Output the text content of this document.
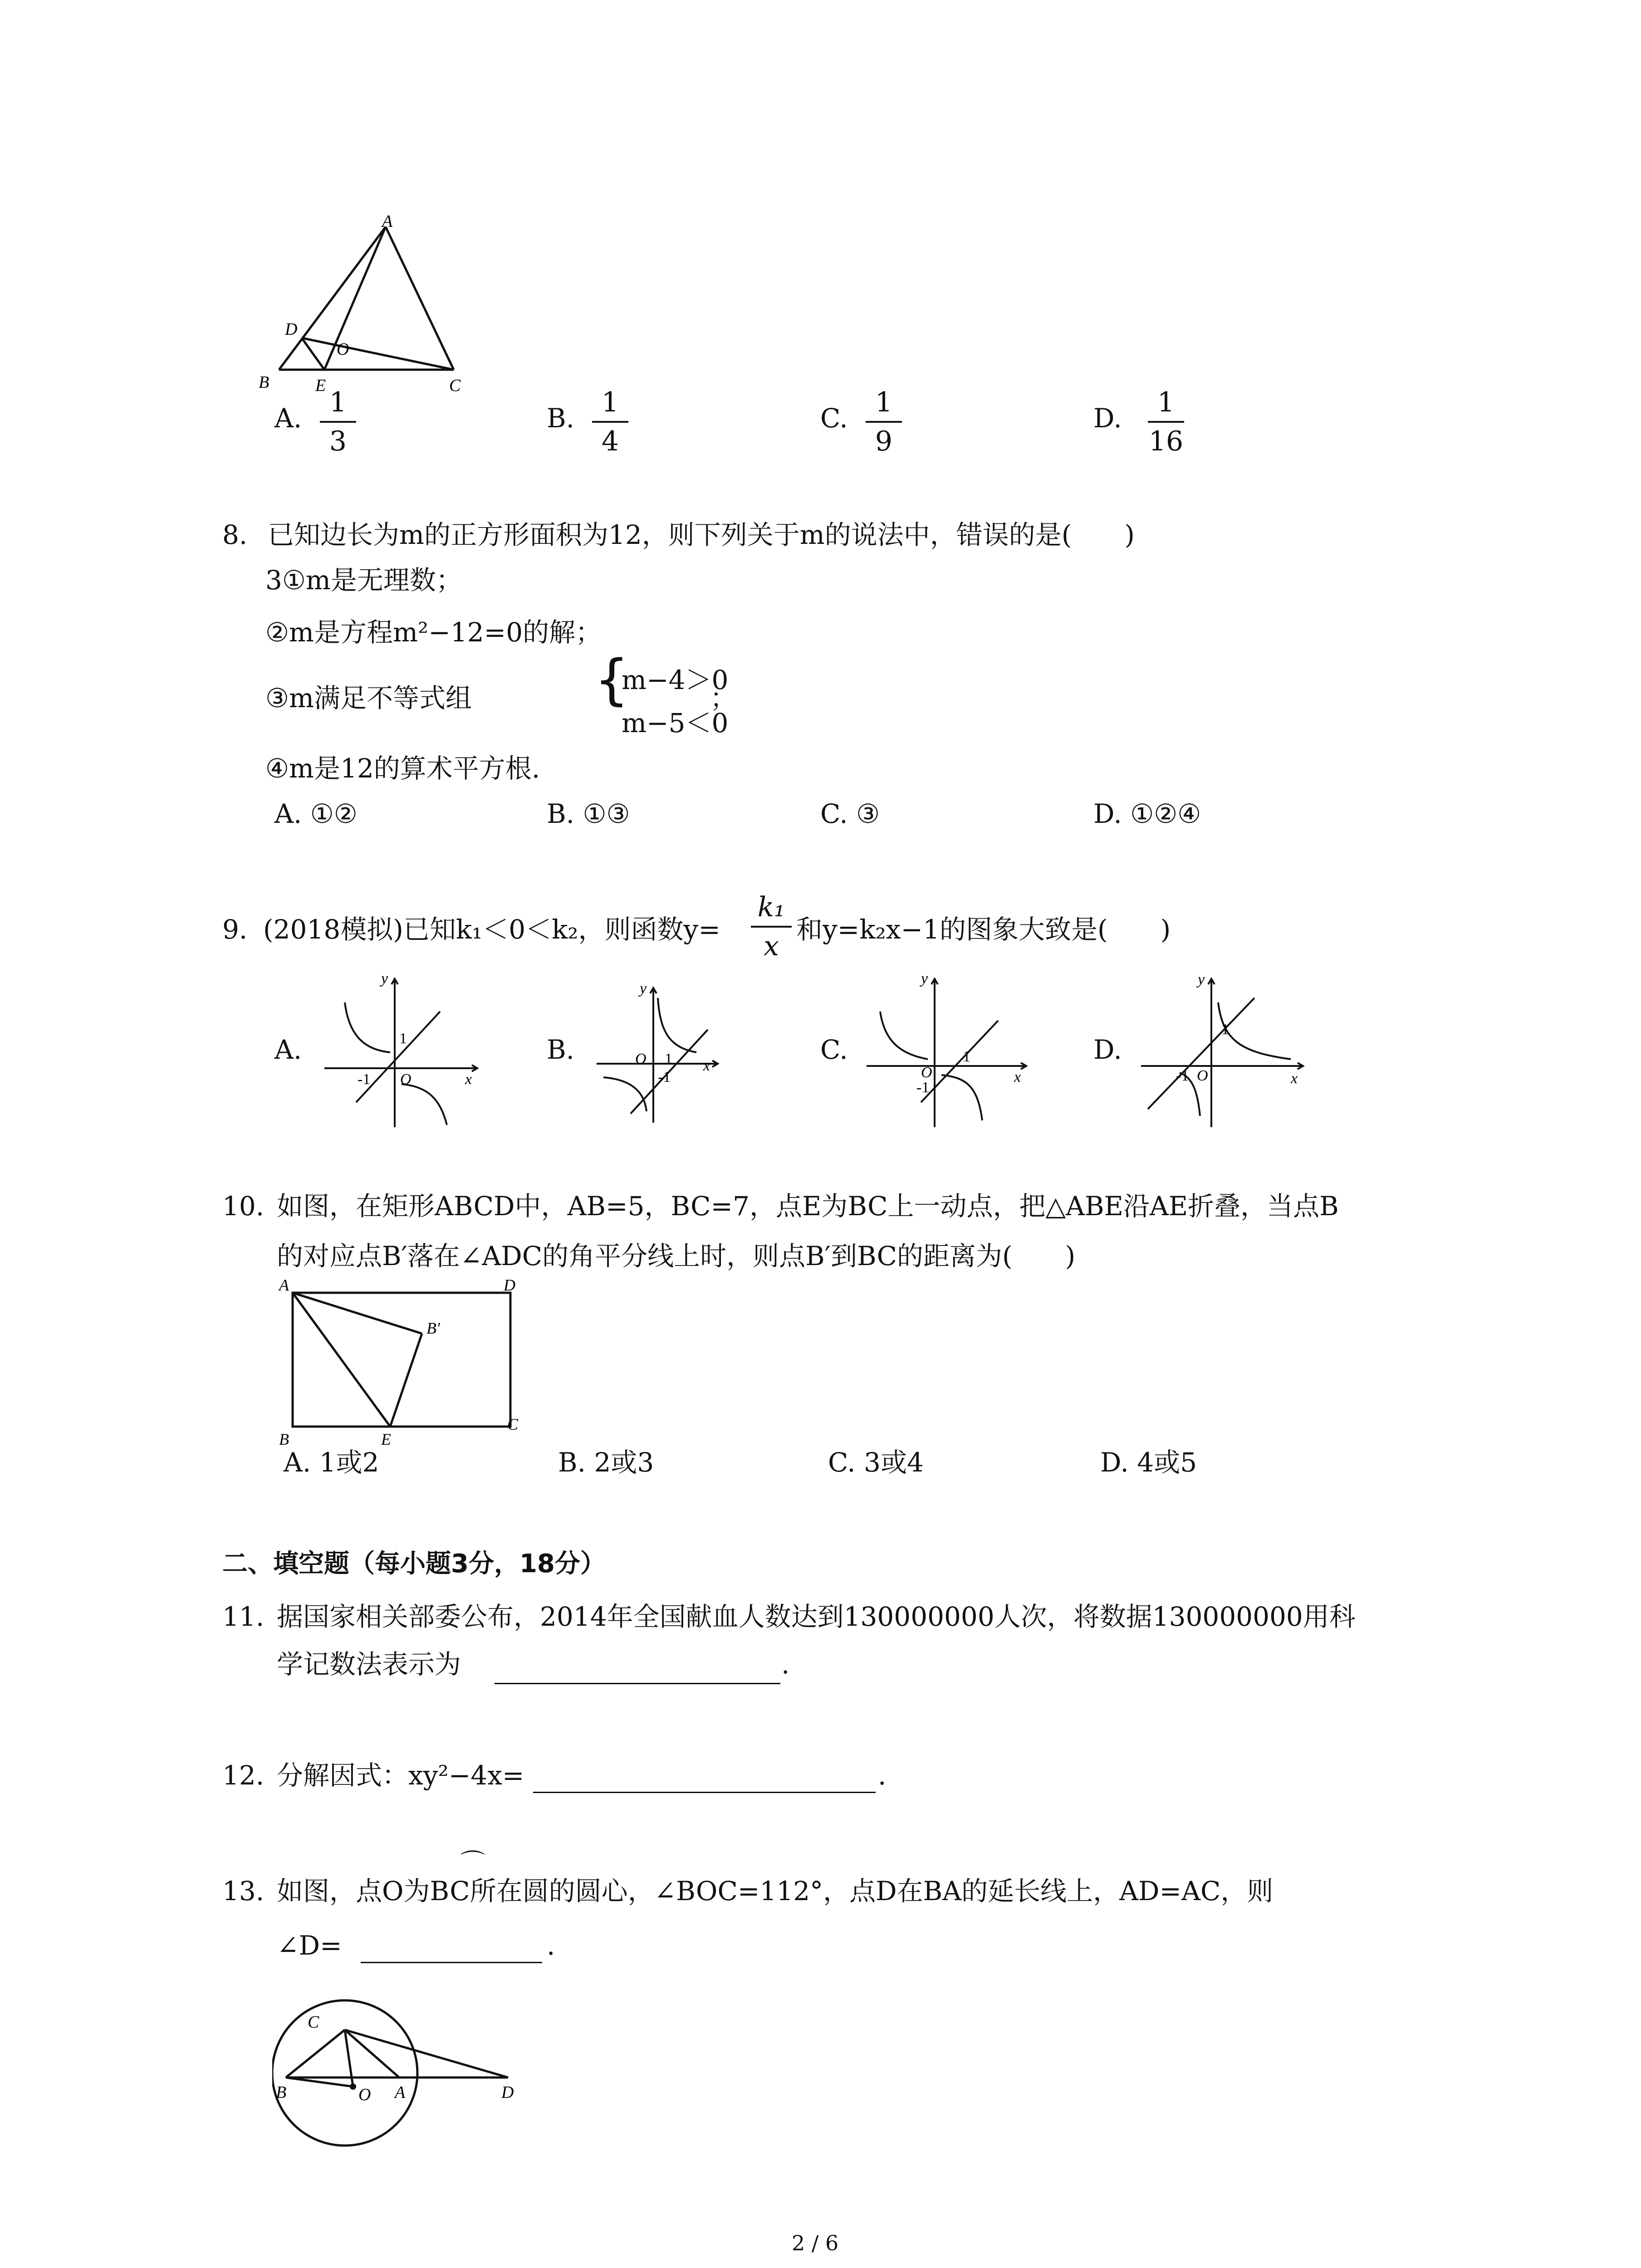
A
B	C
D
E
O
A.	1
3
B. 1
4
C.	1
9
D.	1
16
8. 已知边长为m的正方形面积为12，则下列关于m的说法中，错误的是(　　)
3①m是无理数；
②m是方程m²−12=0的解；
③m满足不等式组 {
m−4＞0
m−5＜0
；
④m是12的算术平方根.
A. ①②	B. ①③	C. ③	D. ①②④
9. (2018模拟)已知k₁＜0＜k₂，则函数y=
k₁
x
和y=k₂x−1的图象大致是(　　)
A.	B.	C.	D.
y
x
O
1
-1
y
x
O 1
-1
y
x
O
1
-1
y
x
O
1
-1
10. 如图，在矩形ABCD中，AB=5，BC=7，点E为BC上一动点，把△ABE沿AE折叠，当点B
的对应点B′落在∠ADC的角平分线上时，则点B′到BC的距离为(　　)
A	D
B
C
E
B′
A. 1或2	B. 2或3	C. 3或4	D. 4或5
二、填空题（每小题3分，18分）
11. 据国家相关部委公布，2014年全国献血人数达到130000000人次，将数据130000000用科
学记数法表示为	.
12. 分解因式：xy²−4x=	.
⌒
13. 如图，点O为BC所在圆的圆心，∠BOC=112°，点D在BA的延长线上，AD=AC，则
∠D=	.
C
B	A	D
O
2 / 6
